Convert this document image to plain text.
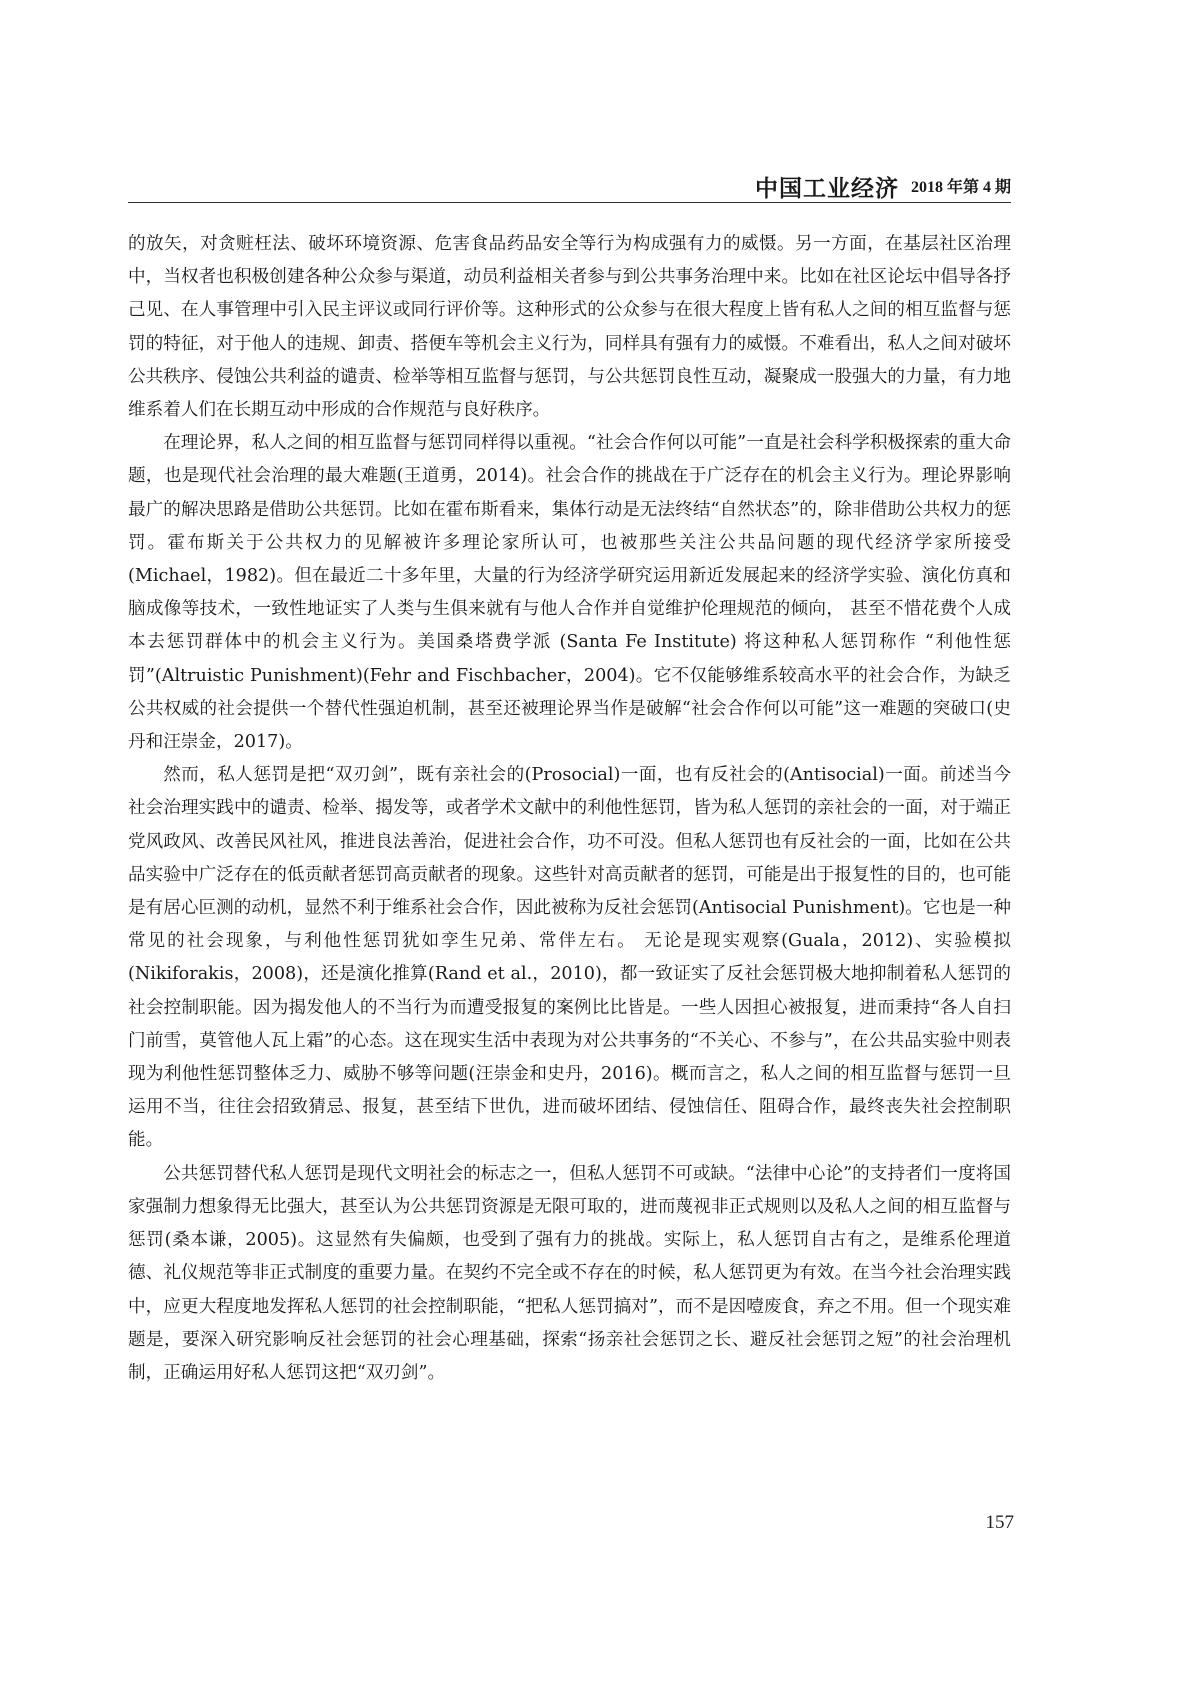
中国工业经济 2018 年第 4 期

的放矢，对贪赃枉法、破坏环境资源、危害食品药品安全等行为构成强有力的威慑。另一方面，在基层社区治理中，当权者也积极创建各种公众参与渠道，动员利益相关者参与到公共事务治理中来。比如在社区论坛中倡导各抒己见、在人事管理中引入民主评议或同行评价等。这种形式的公众参与在很大程度上皆有私人之间的相互监督与惩罚的特征，对于他人的违规、卸责、搭便车等机会主义行为，同样具有强有力的威慑。不难看出，私人之间对破坏公共秩序、侵蚀公共利益的谴责、检举等相互监督与惩罚，与公共惩罚良性互动，凝聚成一股强大的力量，有力地维系着人们在长期互动中形成的合作规范与良好秩序。

在理论界，私人之间的相互监督与惩罚同样得以重视。“社会合作何以可能”一直是社会科学积极探索的重大命题，也是现代社会治理的最大难题(王道勇，2014)。社会合作的挑战在于广泛存在的机会主义行为。理论界影响最广的解决思路是借助公共惩罚。比如在霍布斯看来，集体行动是无法终结“自然状态”的，除非借助公共权力的惩罚。霍布斯关于公共权力的见解被许多理论家所认可，也被那些关注公共品问题的现代经济学家所接受(Michael，1982)。但在最近二十多年里，大量的行为经济学研究运用新近发展起来的经济学实验、演化仿真和脑成像等技术，一致性地证实了人类与生俱来就有与他人合作并自觉维护伦理规范的倾向， 甚至不惜花费个人成本去惩罚群体中的机会主义行为。美国桑塔费学派 (Santa Fe Institute) 将这种私人惩罚称作 “利他性惩罚”(Altruistic Punishment)(Fehr and Fischbacher，2004)。它不仅能够维系较高水平的社会合作，为缺乏公共权威的社会提供一个替代性强迫机制，甚至还被理论界当作是破解“社会合作何以可能”这一难题的突破口(史丹和汪崇金，2017)。

然而，私人惩罚是把“双刃剑”，既有亲社会的(Prosocial)一面，也有反社会的(Antisocial)一面。前述当今社会治理实践中的谴责、检举、揭发等，或者学术文献中的利他性惩罚，皆为私人惩罚的亲社会的一面，对于端正党风政风、改善民风社风，推进良法善治，促进社会合作，功不可没。但私人惩罚也有反社会的一面，比如在公共品实验中广泛存在的低贡献者惩罚高贡献者的现象。这些针对高贡献者的惩罚，可能是出于报复性的目的，也可能是有居心叵测的动机，显然不利于维系社会合作，因此被称为反社会惩罚(Antisocial Punishment)。它也是一种常见的社会现象，与利他性惩罚犹如孪生兄弟、常伴左右。 无论是现实观察(Guala，2012)、实验模拟(Nikiforakis，2008)，还是演化推算(Rand et al.，2010)，都一致证实了反社会惩罚极大地抑制着私人惩罚的社会控制职能。因为揭发他人的不当行为而遭受报复的案例比比皆是。一些人因担心被报复，进而秉持“各人自扫门前雪，莫管他人瓦上霜”的心态。这在现实生活中表现为对公共事务的“不关心、不参与”，在公共品实验中则表现为利他性惩罚整体乏力、威胁不够等问题(汪崇金和史丹，2016)。概而言之，私人之间的相互监督与惩罚一旦运用不当，往往会招致猜忌、报复，甚至结下世仇，进而破坏团结、侵蚀信任、阻碍合作，最终丧失社会控制职能。

公共惩罚替代私人惩罚是现代文明社会的标志之一，但私人惩罚不可或缺。“法律中心论”的支持者们一度将国家强制力想象得无比强大，甚至认为公共惩罚资源是无限可取的，进而蔑视非正式规则以及私人之间的相互监督与惩罚(桑本谦，2005)。这显然有失偏颇，也受到了强有力的挑战。实际上，私人惩罚自古有之，是维系伦理道德、礼仪规范等非正式制度的重要力量。在契约不完全或不存在的时候，私人惩罚更为有效。在当今社会治理实践中，应更大程度地发挥私人惩罚的社会控制职能，“把私人惩罚搞对”，而不是因噎废食，弃之不用。但一个现实难题是，要深入研究影响反社会惩罚的社会心理基础，探索“扬亲社会惩罚之长、避反社会惩罚之短”的社会治理机制，正确运用好私人惩罚这把“双刃剑”。

157
